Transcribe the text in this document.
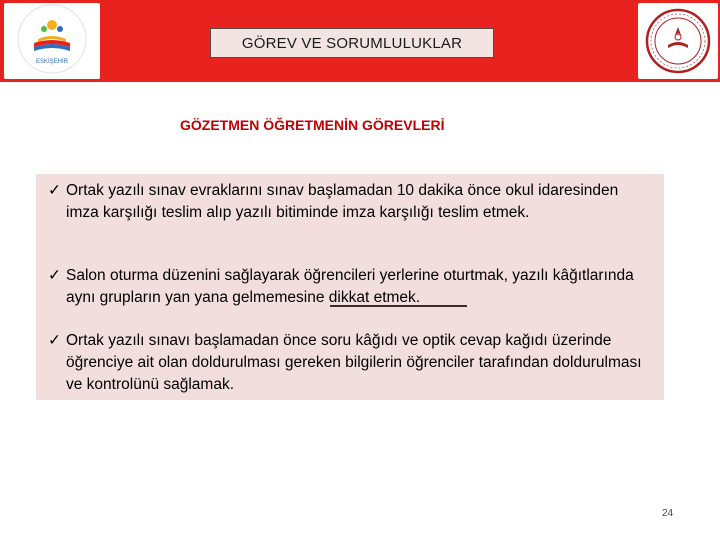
ESKİŞEHİR
GÖREV VE SORUMLULUKLAR
GÖZETMEN ÖĞRETMENİN GÖREVLERİ
✓ Ortak yazılı sınav evraklarını sınav başlamadan 10 dakika önce okul idaresinden imza karşılığı teslim alıp yazılı bitiminde imza karşılığı teslim etmek.
✓ Salon oturma düzenini sağlayarak öğrencileri yerlerine oturtmak, yazılı kâğıtlarında aynı grupların yan yana gelmemesine dikkat etmek.
✓ Ortak yazılı sınavı başlamadan önce soru kâğıdı ve optik cevap kağıdı üzerinde öğrenciye ait olan doldurulması gereken bilgilerin öğrenciler tarafından doldurulması ve kontrolünü sağlamak.
24
